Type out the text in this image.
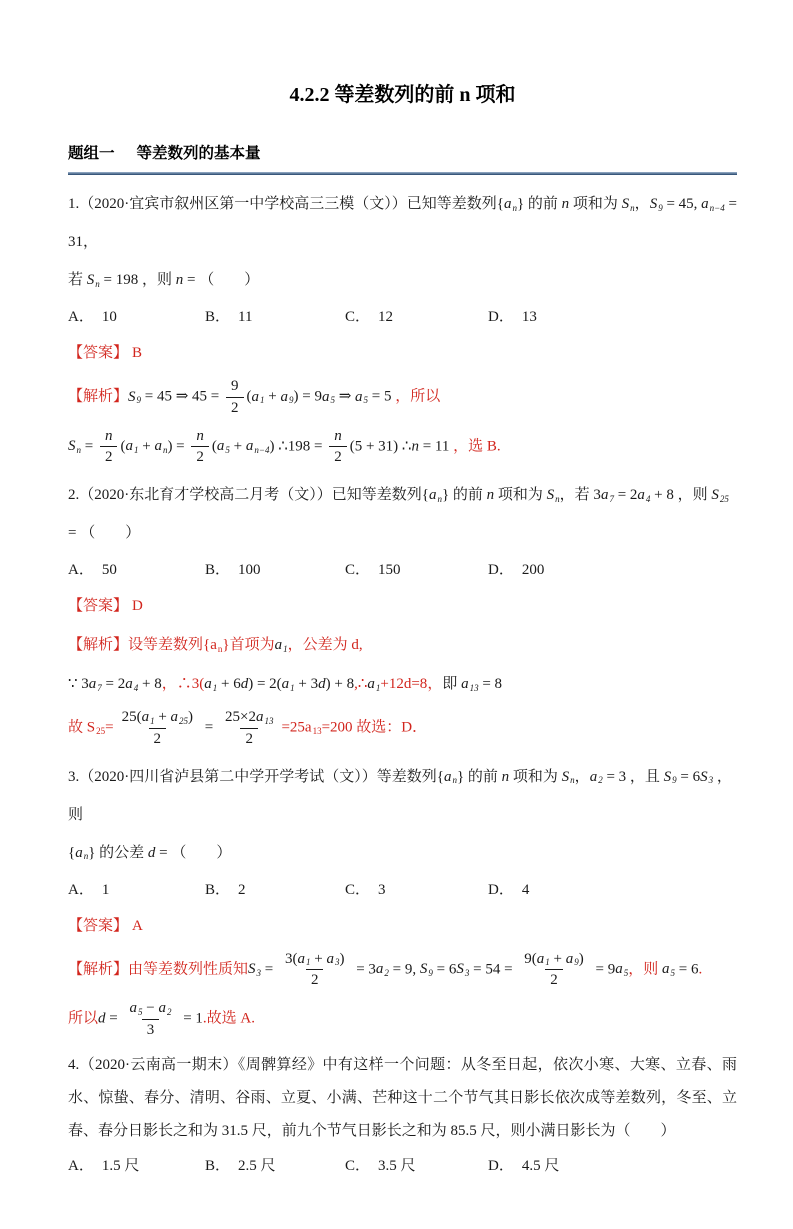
4.2.2 等差数列的前 n 项和
题组一 等差数列的基本量
1.（2020·宜宾市叙州区第一中学校高三三模（文））已知等差数列$\{a_n\}$ 的前 n 项和为 $S_n$，$S_9 = 45$, $a_{n-4} = 31$，
若 $S_n = 198$ ，则 n = （　　）
A． 10	B． 11	C． 12	D． 13
【答案】 B
【解析】$S_9 = 45$ ⇒ $45 = \frac{9}{2} (a_1 + a_9) = 9a_5$ ⇒ $a_5 = 5$ ，所以
$S_n = \frac{n}{2} (a_1 + a_n) = \frac{n}{2} (a_5 + a_{n-4})$ ∴198 = $\frac{n}{2} (5 + 31)$ ∴n = 11 ，选 B.
2.（2020·东北育才学校高二月考（文））已知等差数列$\{a_n\}$ 的前 n 项和为 $S_n$，若 $3a_7 = 2a_4 + 8$ ，则 $S_{25}$ = （　　）
A． 50	B． 100	C． 150	D． 200
【答案】 D
【解析】设等差数列$\{a_n\}$首项为$a_1$，公差为 d,
∵ $3a_7 = 2a_4 + 8$，$\therefore 3(a_1 + 6d) = 2(a_1 + 3d)$ + $8,\therefore a_1+12d=8$，即 $a_{13} = 8$
故 $S_{25}= \frac{25(a_1 + a_{25})}{2} = \frac{25\times 2a_{13}}{2} =25a_{13}=200$ 故选：D．
3.（2020·四川省泸县第二中学开学考试（文））等差数列$\{a_n\}$ 的前 n 项和为 $S_n$，$a_2 = 3$ ，且 $S_9 = 6S_3$ ，则
$\{a_n\}$ 的公差 d = （　　）
A． 1	B． 2	C． 3	D． 4
【答案】 A
【解析】由等差数列性质知$S_3 = \frac{3(a_1 + a_3)}{2} = 3a_2 = 9$, $S_9 = 6S_3 = 54 = \frac{9(a_1 + a_9)}{2} = 9a_5$，则 $a_5 = 6$.
所以$d = \frac{a_5 - a_2}{3} = 1$.故选 A.
4.（2020·云南高一期末）《周髀算经》中有这样一个问题：从冬至日起，依次小寒、大寒、立春、雨水、惊蛰、春分、清明、谷雨、立夏、小满、芒种这十二个节气其日影长依次成等差数列，冬至、立春、春分日影长之和为 31.5 尺，前九个节气日影长之和为 85.5 尺，则小满日影长为（　　）
A． 1.5 尺	B． 2.5 尺	C． 3.5 尺	D． 4.5 尺
